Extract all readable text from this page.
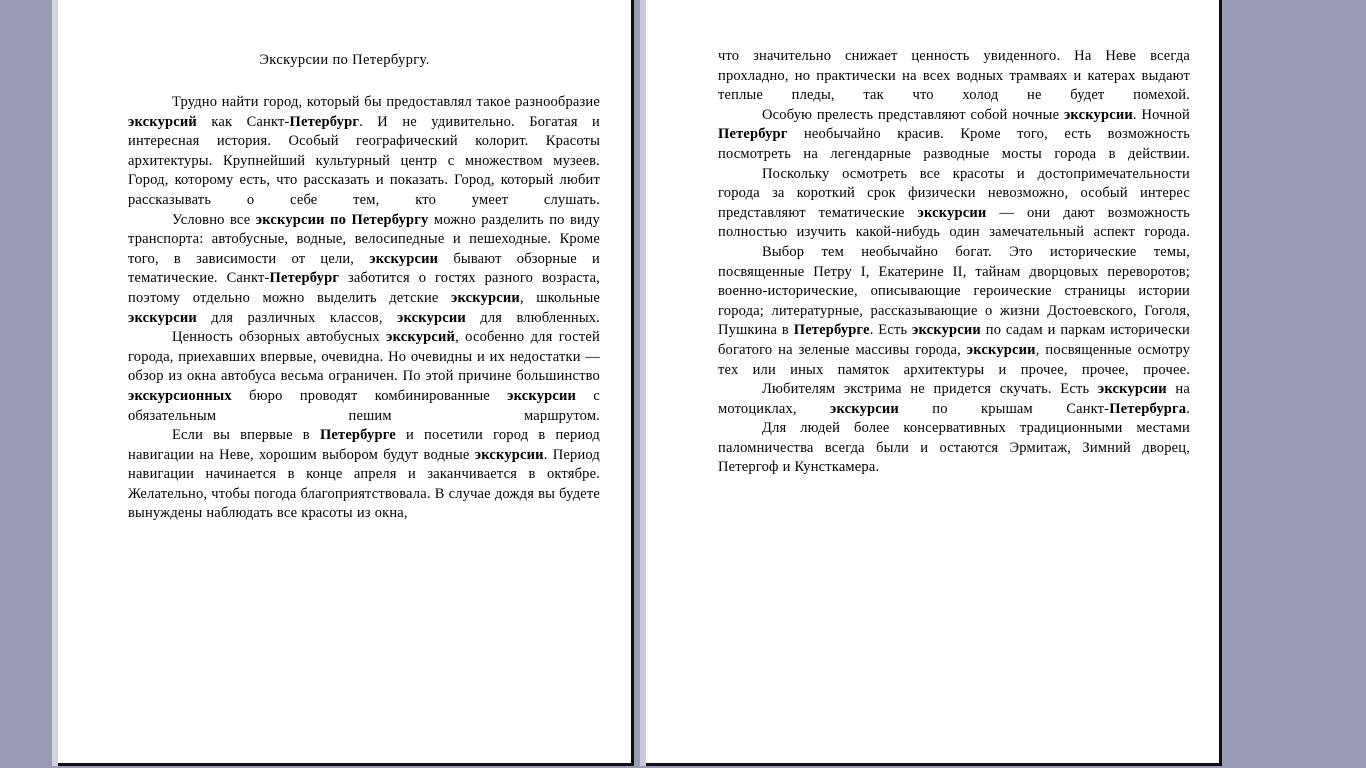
Экскурсии по Петербургу.
Трудно найти город, который бы предоставлял такое разнообразие экскурсий как Санкт-Петербург. И не удивительно. Богатая и интересная история. Особый географический колорит. Красоты архитектуры. Крупнейший культурный центр с множеством музеев. Город, которому есть, что рассказать и показать. Город, который любит рассказывать о себе тем, кто умеет слушать.
Условно все экскурсии по Петербургу можно разделить по виду транспорта: автобусные, водные, велосипедные и пешеходные. Кроме того, в зависимости от цели, экскурсии бывают обзорные и тематические. Санкт-Петербург заботится о гостях разного возраста, поэтому отдельно можно выделить детские экскурсии, школьные экскурсии для различных классов, экскурсии для влюбленных.
Ценность обзорных автобусных экскурсий, особенно для гостей города, приехавших впервые, очевидна. Но очевидны и их недостатки — обзор из окна автобуса весьма ограничен. По этой причине большинство экскурсионных бюро проводят комбинированные экскурсии с обязательным пешим маршрутом.
Если вы впервые в Петербурге и посетили город в период навигации на Неве, хорошим выбором будут водные экскурсии. Период навигации начинается в конце апреля и заканчивается в октябре. Желательно, чтобы погода благоприятствовала. В случае дождя вы будете вынуждены наблюдать все красоты из окна,
что значительно снижает ценность увиденного. На Неве всегда прохладно, но практически на всех водных трамваях и катерах выдают теплые пледы, так что холод не будет помехой.
Особую прелесть представляют собой ночные экскурсии. Ночной Петербург необычайно красив. Кроме того, есть возможность посмотреть на легендарные разводные мосты города в действии.
Поскольку осмотреть все красоты и достопримечательности города за короткий срок физически невозможно, особый интерес представляют тематические экскурсии — они дают возможность полностью изучить какой-нибудь один замечательный аспект города.
Выбор тем необычайно богат. Это исторические темы, посвященные Петру I, Екатерине II, тайнам дворцовых переворотов; военно-исторические, описывающие героические страницы истории города; литературные, рассказывающие о жизни Достоевского, Гоголя, Пушкина в Петербурге. Есть экскурсии по садам и паркам исторически богатого на зеленые массивы города, экскурсии, посвященные осмотру тех или иных памяток архитектуры и прочее, прочее, прочее.
Любителям экстрима не придется скучать. Есть экскурсии на мотоциклах, экскурсии по крышам Санкт-Петербурга.
Для людей более консервативных традиционными местами паломничества всегда были и остаются Эрмитаж, Зимний дворец, Петергоф и Кунсткамера.
